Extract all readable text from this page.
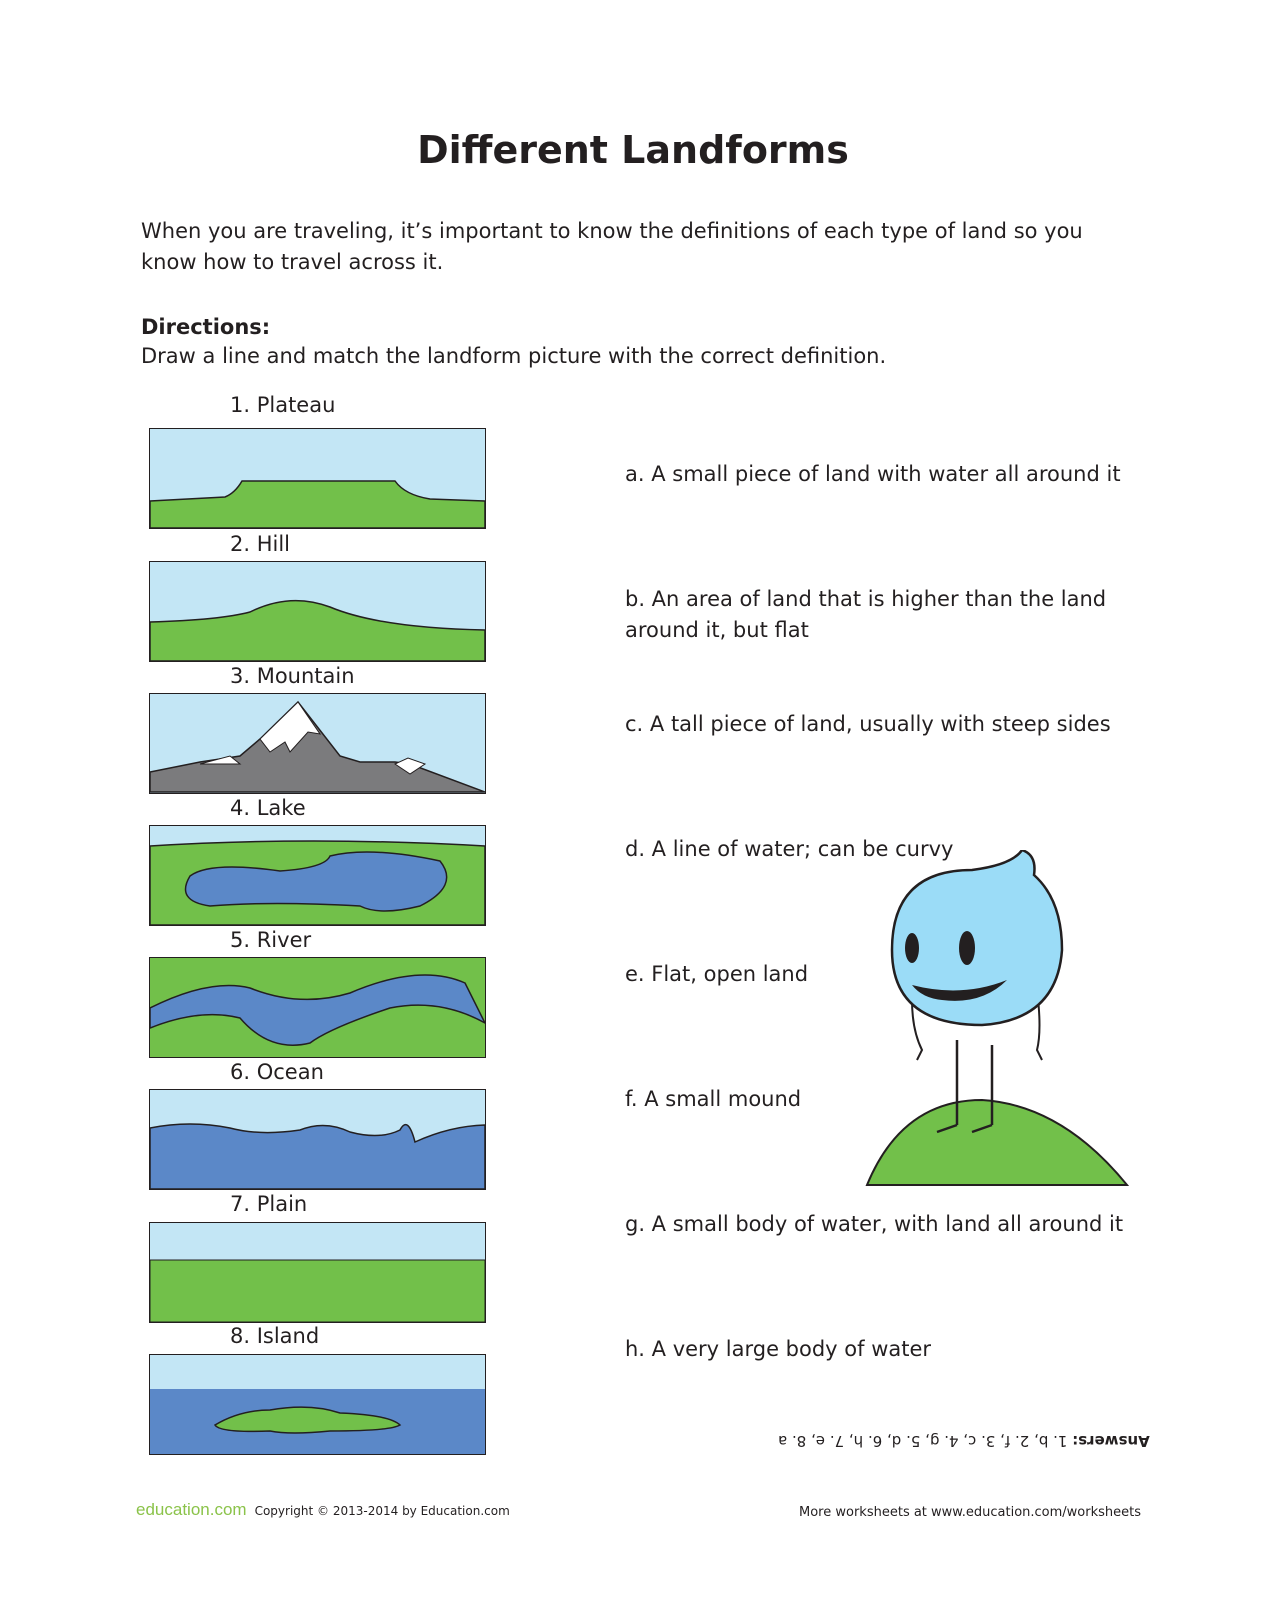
Different Landforms
When you are traveling, it’s important to know the definitions of each type of land so you know how to travel across it.
Directions:
Draw a line and match the landform picture with the correct definition.
1. Plateau
2. Hill
3. Mountain
4. Lake
5. River
6. Ocean
7. Plain
8. Island
a. A small piece of land with water all around it
b. An area of land that is higher than the land around it, but flat
c. A tall piece of land, usually with steep sides
d. A line of water; can be curvy
e. Flat, open land
f. A small mound
g. A small body of water, with land all around it
h. A very large body of water
Answers: 1. b, 2. f, 3. c, 4. g, 5. d, 6. h, 7. e, 8. a
education.com Copyright © 2013-2014 by Education.com	More worksheets at www.education.com/worksheets
